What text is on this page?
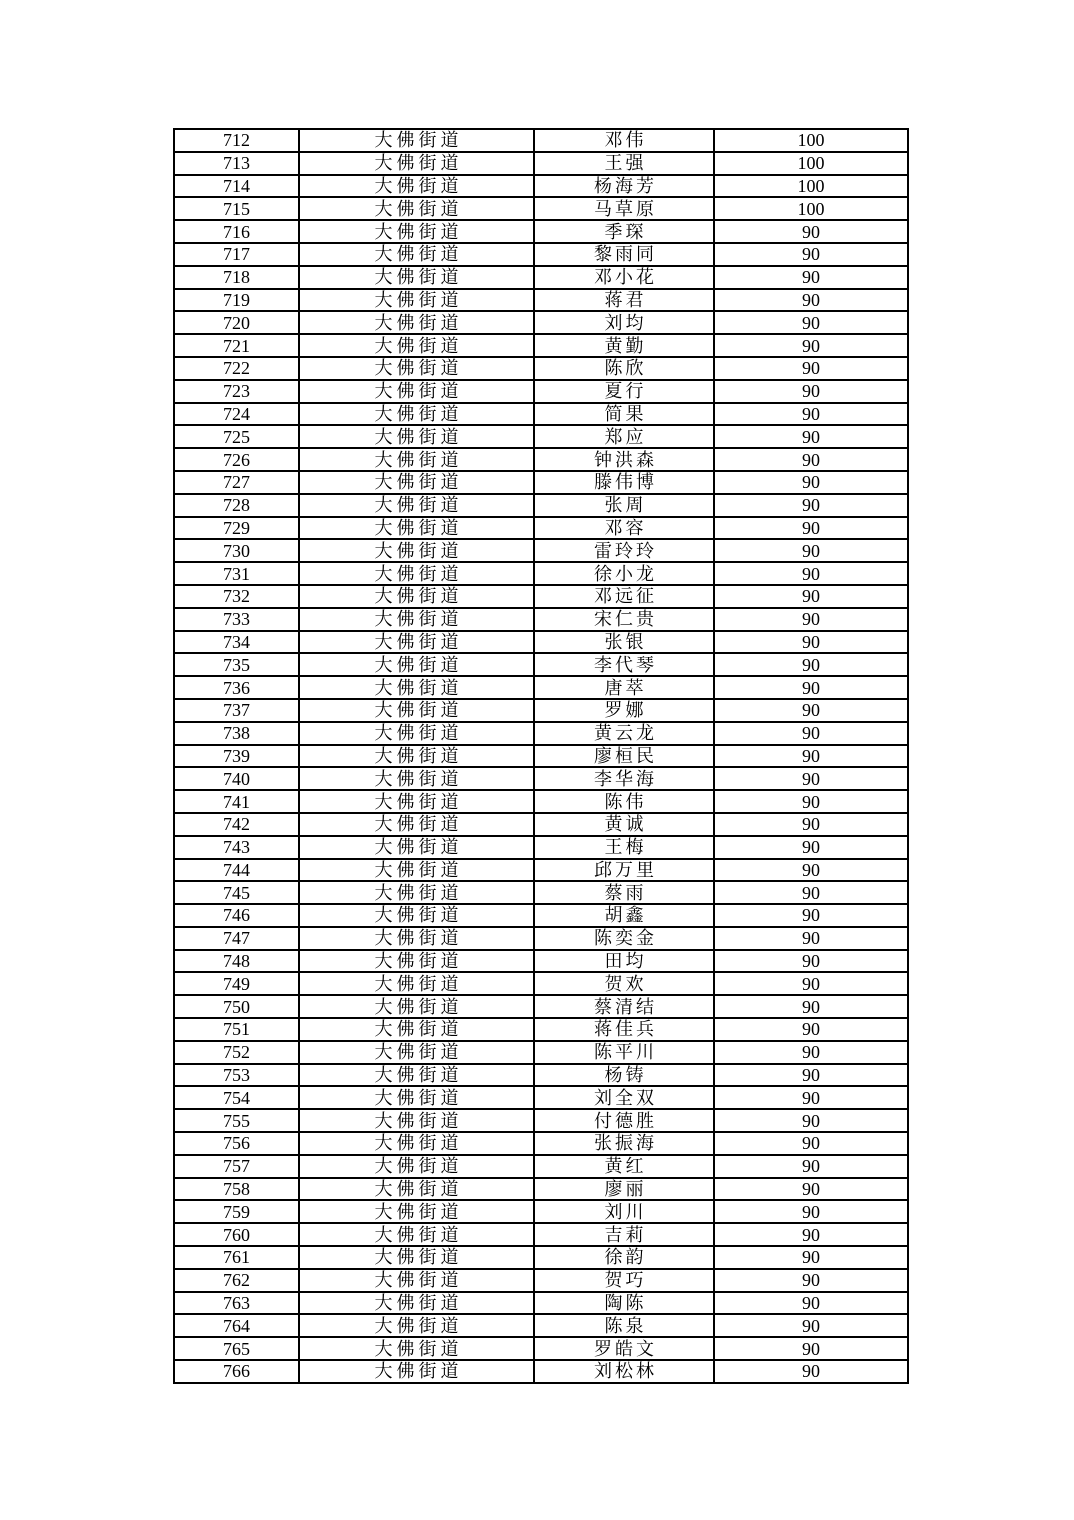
712	大佛街道	邓伟	100
713	大佛街道	王强	100
714	大佛街道	杨海芳	100
715	大佛街道	马草原	100
716	大佛街道	季琛	90
717	大佛街道	黎雨同	90
718	大佛街道	邓小花	90
719	大佛街道	蒋君	90
720	大佛街道	刘均	90
721	大佛街道	黄勤	90
722	大佛街道	陈欣	90
723	大佛街道	夏行	90
724	大佛街道	简果	90
725	大佛街道	郑应	90
726	大佛街道	钟洪森	90
727	大佛街道	滕伟博	90
728	大佛街道	张周	90
729	大佛街道	邓容	90
730	大佛街道	雷玲玲	90
731	大佛街道	徐小龙	90
732	大佛街道	邓远征	90
733	大佛街道	宋仁贵	90
734	大佛街道	张银	90
735	大佛街道	李代琴	90
736	大佛街道	唐萃	90
737	大佛街道	罗娜	90
738	大佛街道	黄云龙	90
739	大佛街道	廖桓民	90
740	大佛街道	李华海	90
741	大佛街道	陈伟	90
742	大佛街道	黄诚	90
743	大佛街道	王梅	90
744	大佛街道	邱万里	90
745	大佛街道	蔡雨	90
746	大佛街道	胡鑫	90
747	大佛街道	陈奕金	90
748	大佛街道	田均	90
749	大佛街道	贺欢	90
750	大佛街道	蔡清结	90
751	大佛街道	蒋佳兵	90
752	大佛街道	陈平川	90
753	大佛街道	杨铸	90
754	大佛街道	刘全双	90
755	大佛街道	付德胜	90
756	大佛街道	张振海	90
757	大佛街道	黄红	90
758	大佛街道	廖丽	90
759	大佛街道	刘川	90
760	大佛街道	吉莉	90
761	大佛街道	徐韵	90
762	大佛街道	贺巧	90
763	大佛街道	陶陈	90
764	大佛街道	陈泉	90
765	大佛街道	罗皓文	90
766	大佛街道	刘松林	90
